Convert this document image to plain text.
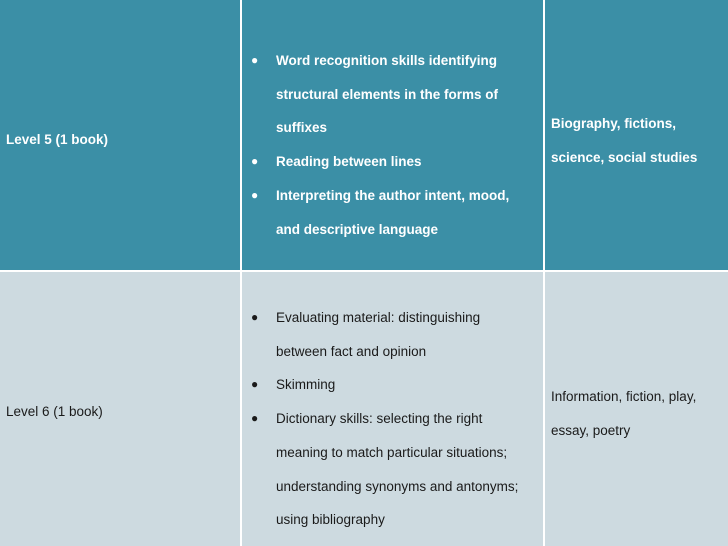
Level 5 (1 book)
● Word recognition skills identifying structural elements in the forms of suffixes
● Reading between lines
● Interpreting the author intent, mood, and descriptive language
Biography, fictions, science, social studies
Level 6 (1 book)
● Evaluating material: distinguishing between fact and opinion
● Skimming
● Dictionary skills: selecting the right meaning to match particular situations; understanding synonyms and antonyms; using bibliography
Information, fiction, play, essay, poetry
